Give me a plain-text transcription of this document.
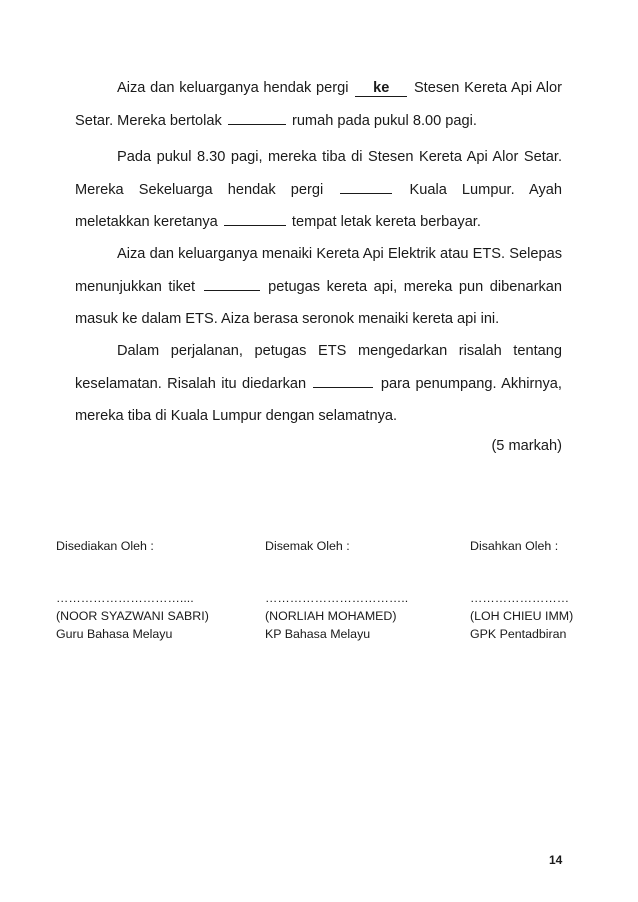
Aiza dan keluarganya hendak pergi ke Stesen Kereta Api Alor Setar. Mereka bertolak	rumah pada pukul 8.00 pagi.
Pada pukul 8.30 pagi, mereka tiba di Stesen Kereta Api Alor Setar. Mereka Sekeluarga hendak pergi	Kuala Lumpur. Ayah meletakkan keretanya	tempat letak kereta berbayar.
Aiza dan keluarganya menaiki Kereta Api Elektrik atau ETS. Selepas menunjukkan tiket	petugas kereta api, mereka pun dibenarkan masuk ke dalam ETS. Aiza berasa seronok menaiki kereta api ini.
Dalam perjalanan, petugas ETS mengedarkan risalah tentang keselamatan. Risalah itu diedarkan	para penumpang. Akhirnya, mereka tiba di Kuala Lumpur dengan selamatnya.
(5 markah)
Disediakan Oleh :
…………………………....
(NOOR SYAZWANI SABRI)
Guru Bahasa Melayu
Disemak Oleh :
……………………………..
(NORLIAH MOHAMED)
KP Bahasa Melayu
Disahkan Oleh :
……………………
(LOH CHIEU IMM)
GPK Pentadbiran
14
